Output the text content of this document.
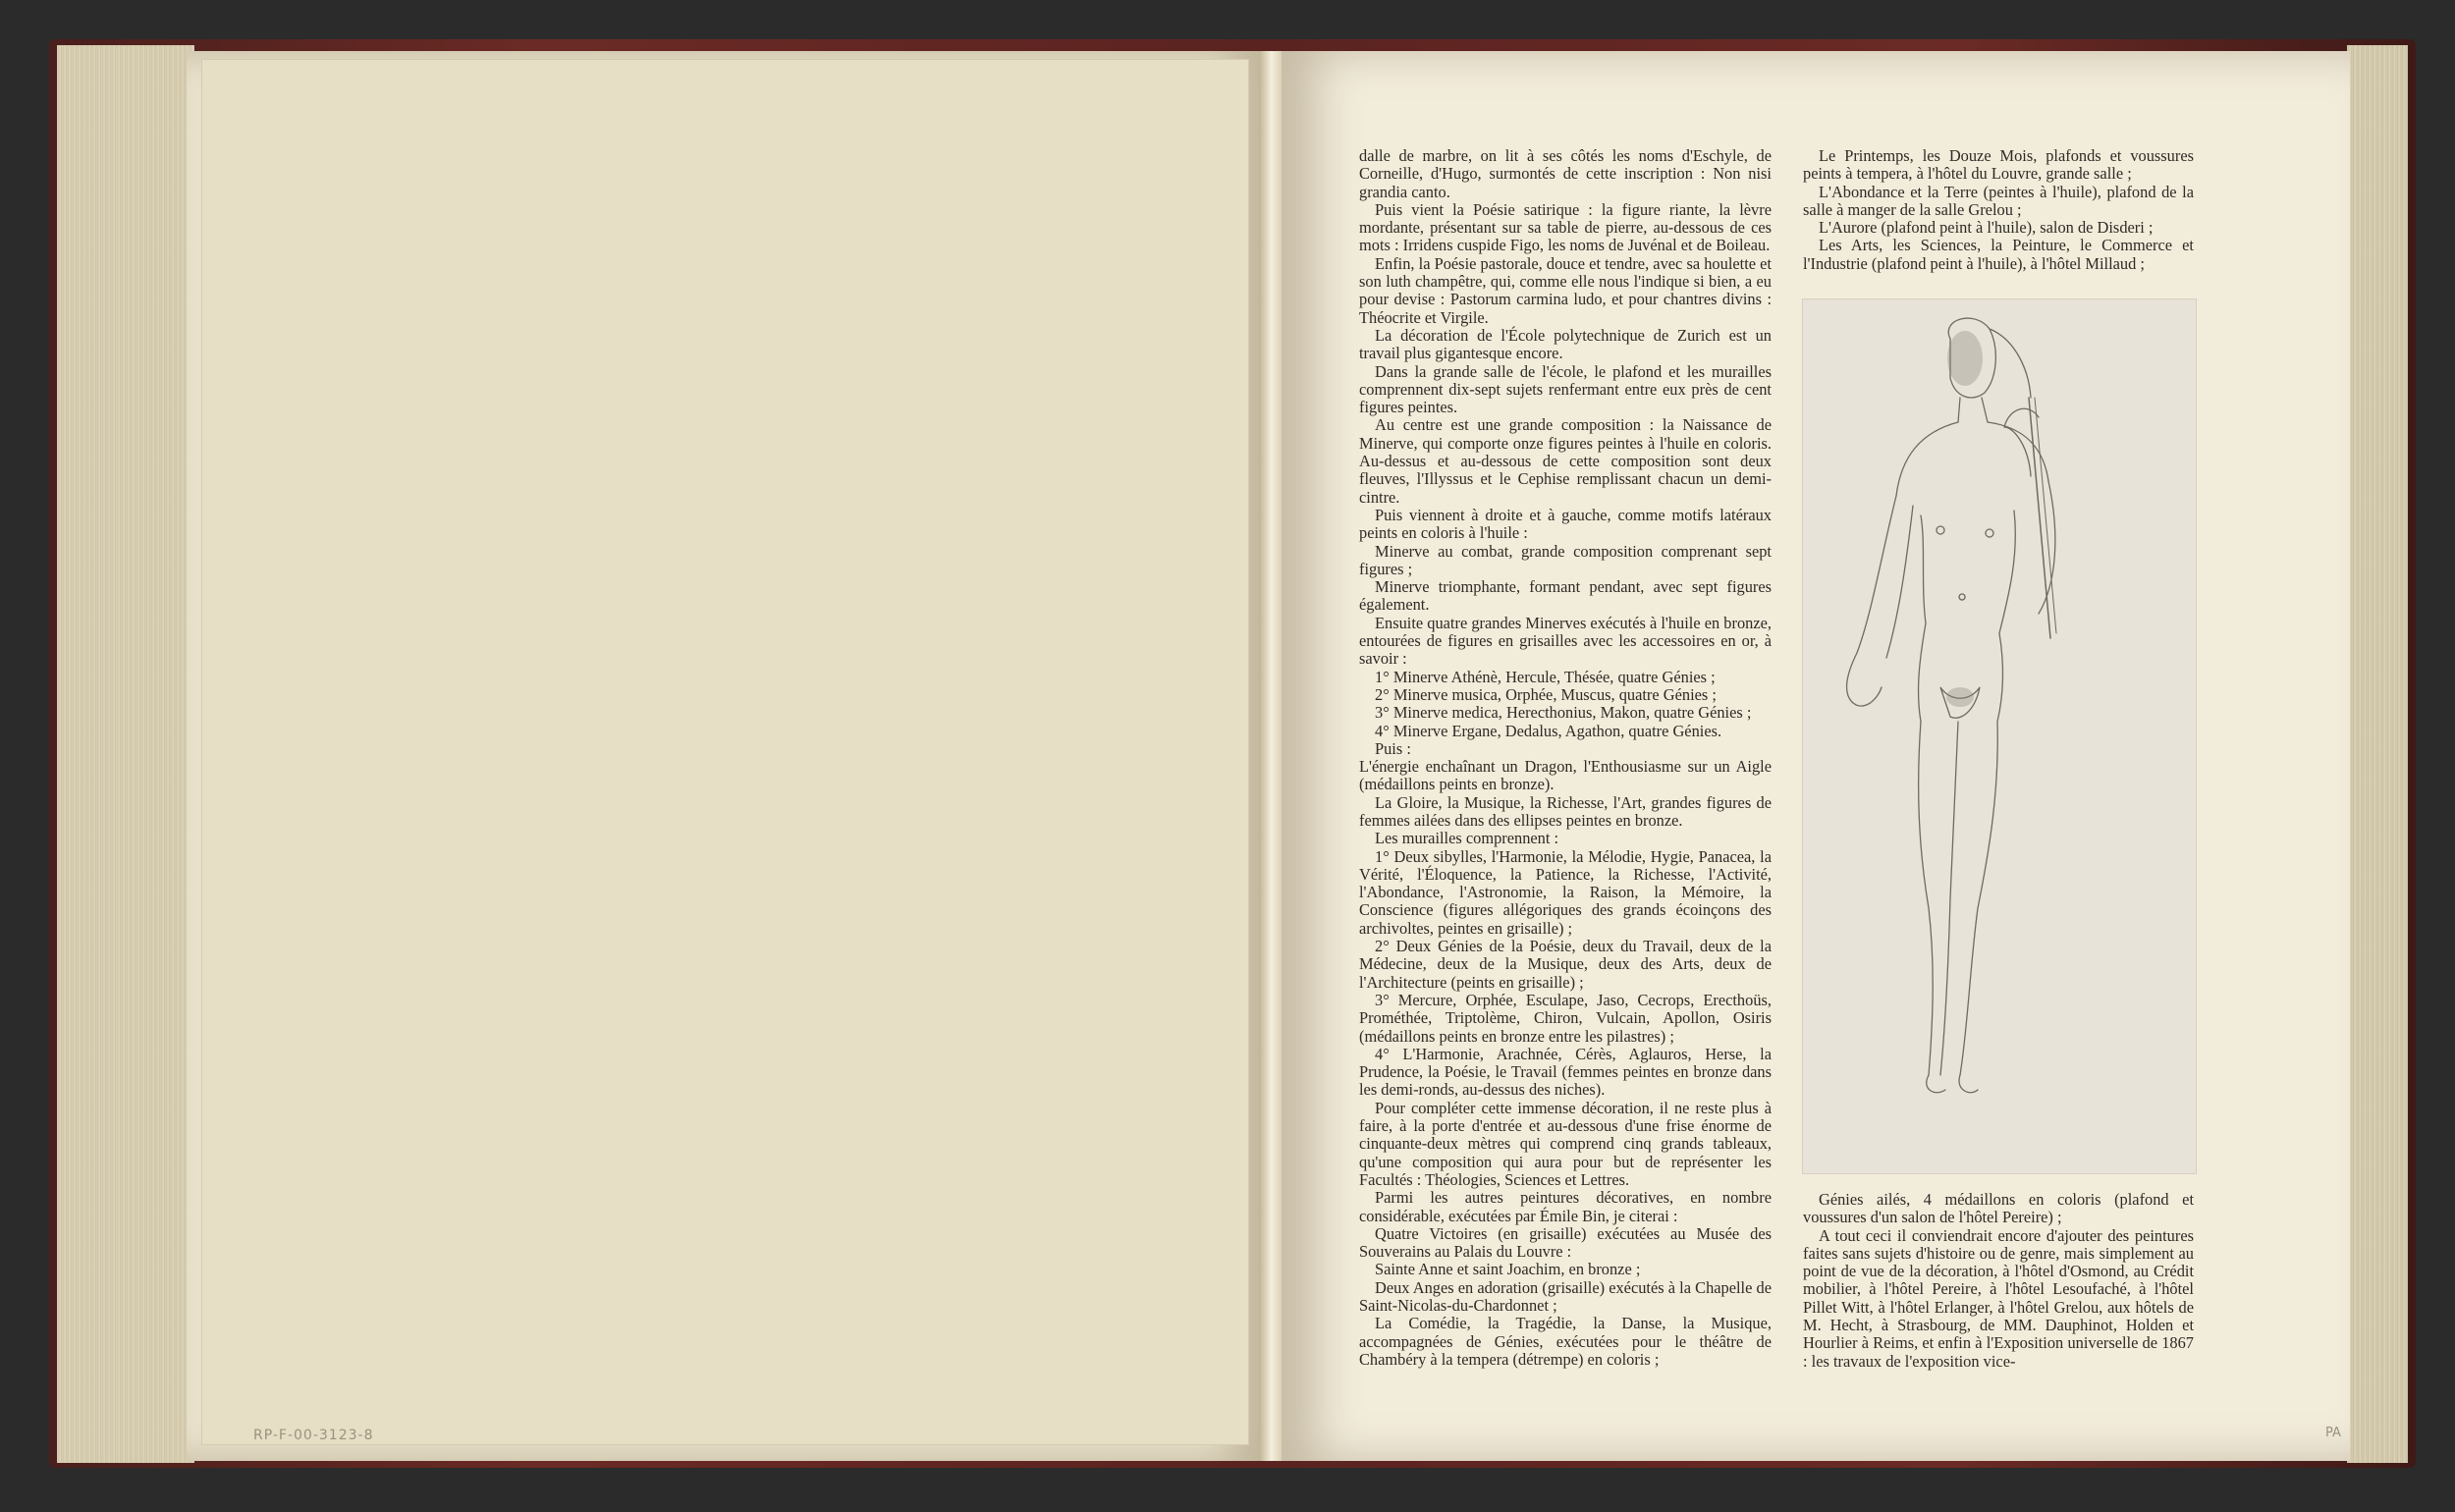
RP-F-00-3123-8	PA

dalle de marbre, on lit à ses côtés les noms d'Eschyle, de Corneille, d'Hugo, surmontés de cette inscription : Non nisi grandia canto.

Puis vient la Poésie satirique : la figure riante, la lèvre mordante, présentant sur sa table de pierre, au-dessous de ces mots : Irridens cuspide Figo, les noms de Juvénal et de Boileau.

Enfin, la Poésie pastorale, douce et tendre, avec sa houlette et son luth champêtre, qui, comme elle nous l'indique si bien, a eu pour devise : Pastorum carmina ludo, et pour chantres divins : Théocrite et Virgile.

La décoration de l'École polytechnique de Zurich est un travail plus gigantesque encore.

Dans la grande salle de l'école, le plafond et les murailles comprennent dix-sept sujets renfermant entre eux près de cent figures peintes.

Au centre est une grande composition : la Naissance de Minerve, qui comporte onze figures peintes à l'huile en coloris. Au-dessus et au-dessous de cette composition sont deux fleuves, l'Illyssus et le Cephise remplissant chacun un demi-cintre.

Puis viennent à droite et à gauche, comme motifs latéraux peints en coloris à l'huile :

Minerve au combat, grande composition comprenant sept figures ;

Minerve triomphante, formant pendant, avec sept figures également.

Ensuite quatre grandes Minerves exécutés à l'huile en bronze, entourées de figures en grisailles avec les accessoires en or, à savoir :

1° Minerve Athénè, Hercule, Thésée, quatre Génies ;

2° Minerve musica, Orphée, Muscus, quatre Génies ;

3° Minerve medica, Herecthonius, Makon, quatre Génies ;

4° Minerve Ergane, Dedalus, Agathon, quatre Génies.

Puis :

L'énergie enchaînant un Dragon, l'Enthousiasme sur un Aigle (médaillons peints en bronze).

La Gloire, la Musique, la Richesse, l'Art, grandes figures de femmes ailées dans des ellipses peintes en bronze.

Les murailles comprennent :

1° Deux sibylles, l'Harmonie, la Mélodie, Hygie, Panacea, la Vérité, l'Éloquence, la Patience, la Richesse, l'Activité, l'Abondance, l'Astronomie, la Raison, la Mémoire, la Conscience (figures allégoriques des grands écoinçons des archivoltes, peintes en grisaille) ;

2° Deux Génies de la Poésie, deux du Travail, deux de la Médecine, deux de la Musique, deux des Arts, deux de l'Architecture (peints en grisaille) ;

3° Mercure, Orphée, Esculape, Jaso, Cecrops, Erecthoüs, Prométhée, Triptolème, Chiron, Vulcain, Apollon, Osiris (médaillons peints en bronze entre les pilastres) ;

4° L'Harmonie, Arachnée, Cérès, Aglauros, Herse, la Prudence, la Poésie, le Travail (femmes peintes en bronze dans les demi-ronds, au-dessus des niches).

Pour compléter cette immense décoration, il ne reste plus à faire, à la porte d'entrée et au-dessous d'une frise énorme de cinquante-deux mètres qui comprend cinq grands tableaux, qu'une composition qui aura pour but de représenter les Facultés : Théologies, Sciences et Lettres.

Parmi les autres peintures décoratives, en nombre considérable, exécutées par Émile Bin, je citerai :

Quatre Victoires (en grisaille) exécutées au Musée des Souverains au Palais du Louvre :

Sainte Anne et saint Joachim, en bronze ;

Deux Anges en adoration (grisaille) exécutés à la Chapelle de Saint-Nicolas-du-Chardonnet ;

La Comédie, la Tragédie, la Danse, la Musique, accompagnées de Génies, exécutées pour le théâtre de Chambéry à la tempera (détrempe) en coloris ;

Le Printemps, les Douze Mois, plafonds et voussures peints à tempera, à l'hôtel du Louvre, grande salle ;

L'Abondance et la Terre (peintes à l'huile), plafond de la salle à manger de la salle Grelou ;

L'Aurore (plafond peint à l'huile), salon de Disderi ;

Les Arts, les Sciences, la Peinture, le Commerce et l'Industrie (plafond peint à l'huile), à l'hôtel Millaud ;

Génies ailés, 4 médaillons en coloris (plafond et voussures d'un salon de l'hôtel Pereire) ;

A tout ceci il conviendrait encore d'ajouter des peintures faites sans sujets d'histoire ou de genre, mais simplement au point de vue de la décoration, à l'hôtel d'Osmond, au Crédit mobilier, à l'hôtel Pereire, à l'hôtel Lesoufaché, à l'hôtel Pillet Witt, à l'hôtel Erlanger, à l'hôtel Grelou, aux hôtels de M. Hecht, à Strasbourg, de MM. Dauphinot, Holden et Hourlier à Reims, et enfin à l'Exposition universelle de 1867 : les travaux de l'exposition vice-
